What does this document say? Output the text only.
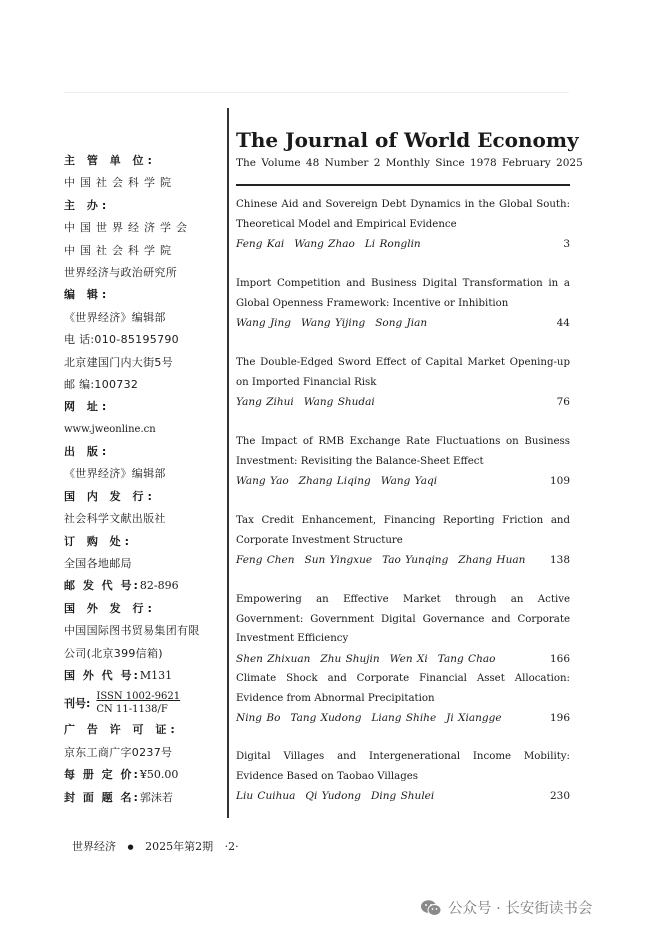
主 管 单 位:
中国社会科学院
主 办:
中国世界经济学会
中国社会科学院
世界经济与政治研究所
编 辑:
《世界经济》编辑部
电 话:010-85195790
北京建国门内大街5号
邮 编:100732
网 址:
www.jweonline.cn
出 版:
《世界经济》编辑部
国 内 发 行:
社会科学文献出版社
订 购 处:
全国各地邮局
邮 发 代 号:82-896
国 外 发 行:
中国国际图书贸易集团有限
公司(北京399信箱)
国 外 代 号:M131
刊号:
ISSN 1002-9621
CN 11-1138/F
广 告 许 可 证:
京东工商广字0237号
每 册 定 价:¥50.00
封 面 题 名:郭沫若
The Journal of World Economy
The Volume 48 Number 2 Monthly Since 1978 February 2025
Chinese Aid and Sovereign Debt Dynamics in the Global South: Theoretical Model and Empirical Evidence
Feng Kai Wang Zhao Li Ronglin	3
Import Competition and Business Digital Transformation in a Global Openness Framework: Incentive or Inhibition
Wang Jing Wang Yijing Song Jian	44
The Double-Edged Sword Effect of Capital Market Opening-up on Imported Financial Risk
Yang Zihui Wang Shudai	76
The Impact of RMB Exchange Rate Fluctuations on Business Investment: Revisiting the Balance-Sheet Effect
Wang Yao Zhang Liqing Wang Yaqi	109
Tax Credit Enhancement, Financing Reporting Friction and Corporate Investment Structure
Feng Chen Sun Yingxue Tao Yunqing Zhang Huan 138
Empowering an Effective Market through an Active Government: Government Digital Governance and Corporate Investment Efficiency
Shen Zhixuan Zhu Shujin Wen Xi Tang Chao	166
Climate Shock and Corporate Financial Asset Allocation: Evidence from Abnormal Precipitation
Ning Bo Tang Xudong Liang Shihe Ji Xiangge	196
Digital Villages and Intergenerational Income Mobility: Evidence Based on Taobao Villages
Liu Cuihua Qi Yudong Ding Shulei	230
世界经济 ● 2025年第2期 ·2·
公众号 · 长安街读书会
